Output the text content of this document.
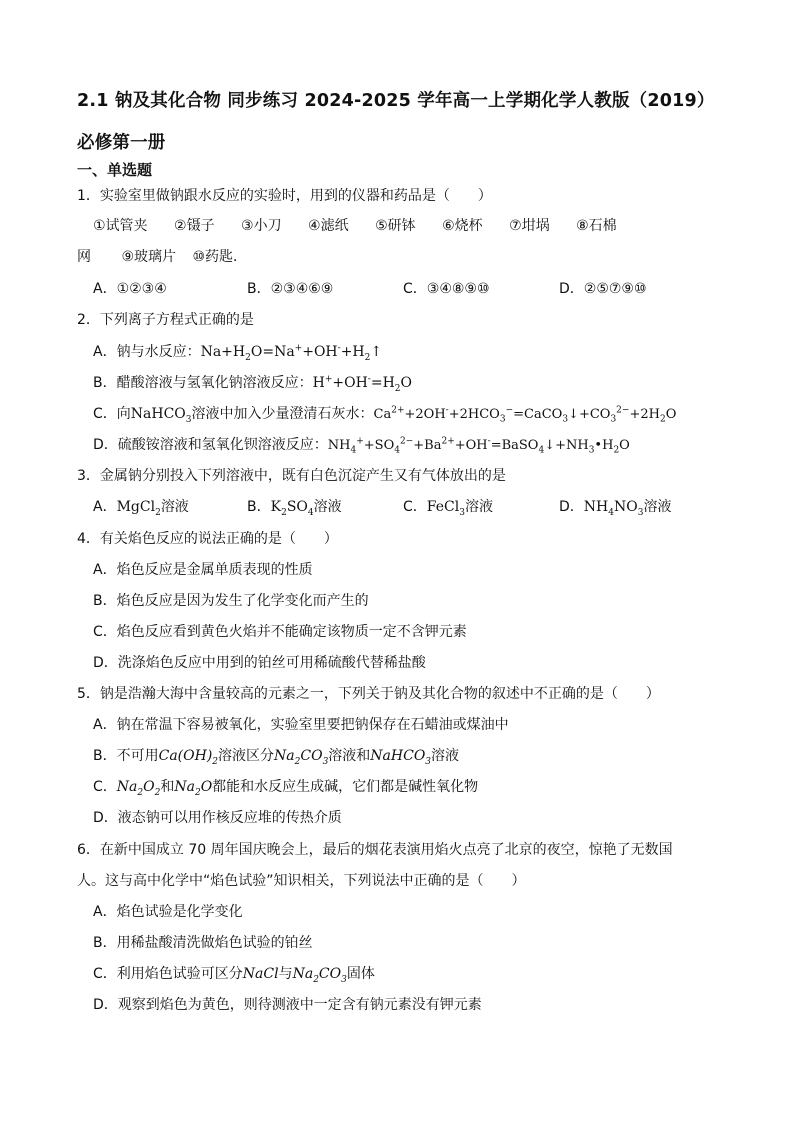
2.1 钠及其化合物 同步练习 2024-2025 学年高一上学期化学人教版（2019）必修第一册
一、单选题
1．实验室里做钠跟水反应的实验时，用到的仪器和药品是（　　）
①试管夹 ②镊子 ③小刀 ④滤纸 ⑤研钵 ⑥烧杯 ⑦坩埚 ⑧石棉
网 ⑨玻璃片 ⑩药匙．
A．①②③④	B．②③④⑥⑨	C．③④⑧⑨⑩	D．②⑤⑦⑨⑩
2．下列离子方程式正确的是
A．钠与水反应：$Na+H_2O=Na^++OH^-+H_2↑$
B．醋酸溶液与氢氧化钠溶液反应：$H^++OH^-=H_2O$
C．向NaHCO$_3$溶液中加入少量澄清石灰水：$Ca^{2+}+2OH^-+2HCO_3^-=CaCO_3↓+CO_3^{2-}+2H_2O$
D．硫酸铵溶液和氢氧化钡溶液反应：$NH_4^++SO_4^{2-}+Ba^{2+}+OH^-=BaSO_4↓+NH_3•H_2O$
3．金属钠分别投入下列溶液中，既有白色沉淀产生又有气体放出的是
A．MgCl$_2$溶液	B．$K_2SO_4$溶液	C．FeCl$_3$溶液	D．$NH_4NO_3$溶液
4．有关焰色反应的说法正确的是（　　）
A．焰色反应是金属单质表现的性质
B．焰色反应是因为发生了化学变化而产生的
C．焰色反应看到黄色火焰并不能确定该物质一定不含钾元素
D．洗涤焰色反应中用到的铂丝可用稀硫酸代替稀盐酸
5．钠是浩瀚大海中含量较高的元素之一，下列关于钠及其化合物的叙述中不正确的是（　　）
A．钠在常温下容易被氧化，实验室里要把钠保存在石蜡油或煤油中
B．不可用$Ca(OH)_2$溶液区分$Na_2CO_3$溶液和NaHCO$_3$溶液
C．$Na_2O_2$和$Na_2O$都能和水反应生成碱，它们都是碱性氧化物
D．液态钠可以用作核反应堆的传热介质
6．在新中国成立 70 周年国庆晚会上，最后的烟花表演用焰火点亮了北京的夜空，惊艳了无数国
人。这与高中化学中“焰色试验”知识相关，下列说法中正确的是（　　）
A．焰色试验是化学变化
B．用稀盐酸清洗做焰色试验的铂丝
C．利用焰色试验可区分NaCl与$Na_2CO_3$固体
D．观察到焰色为黄色，则待测液中一定含有钠元素没有钾元素
